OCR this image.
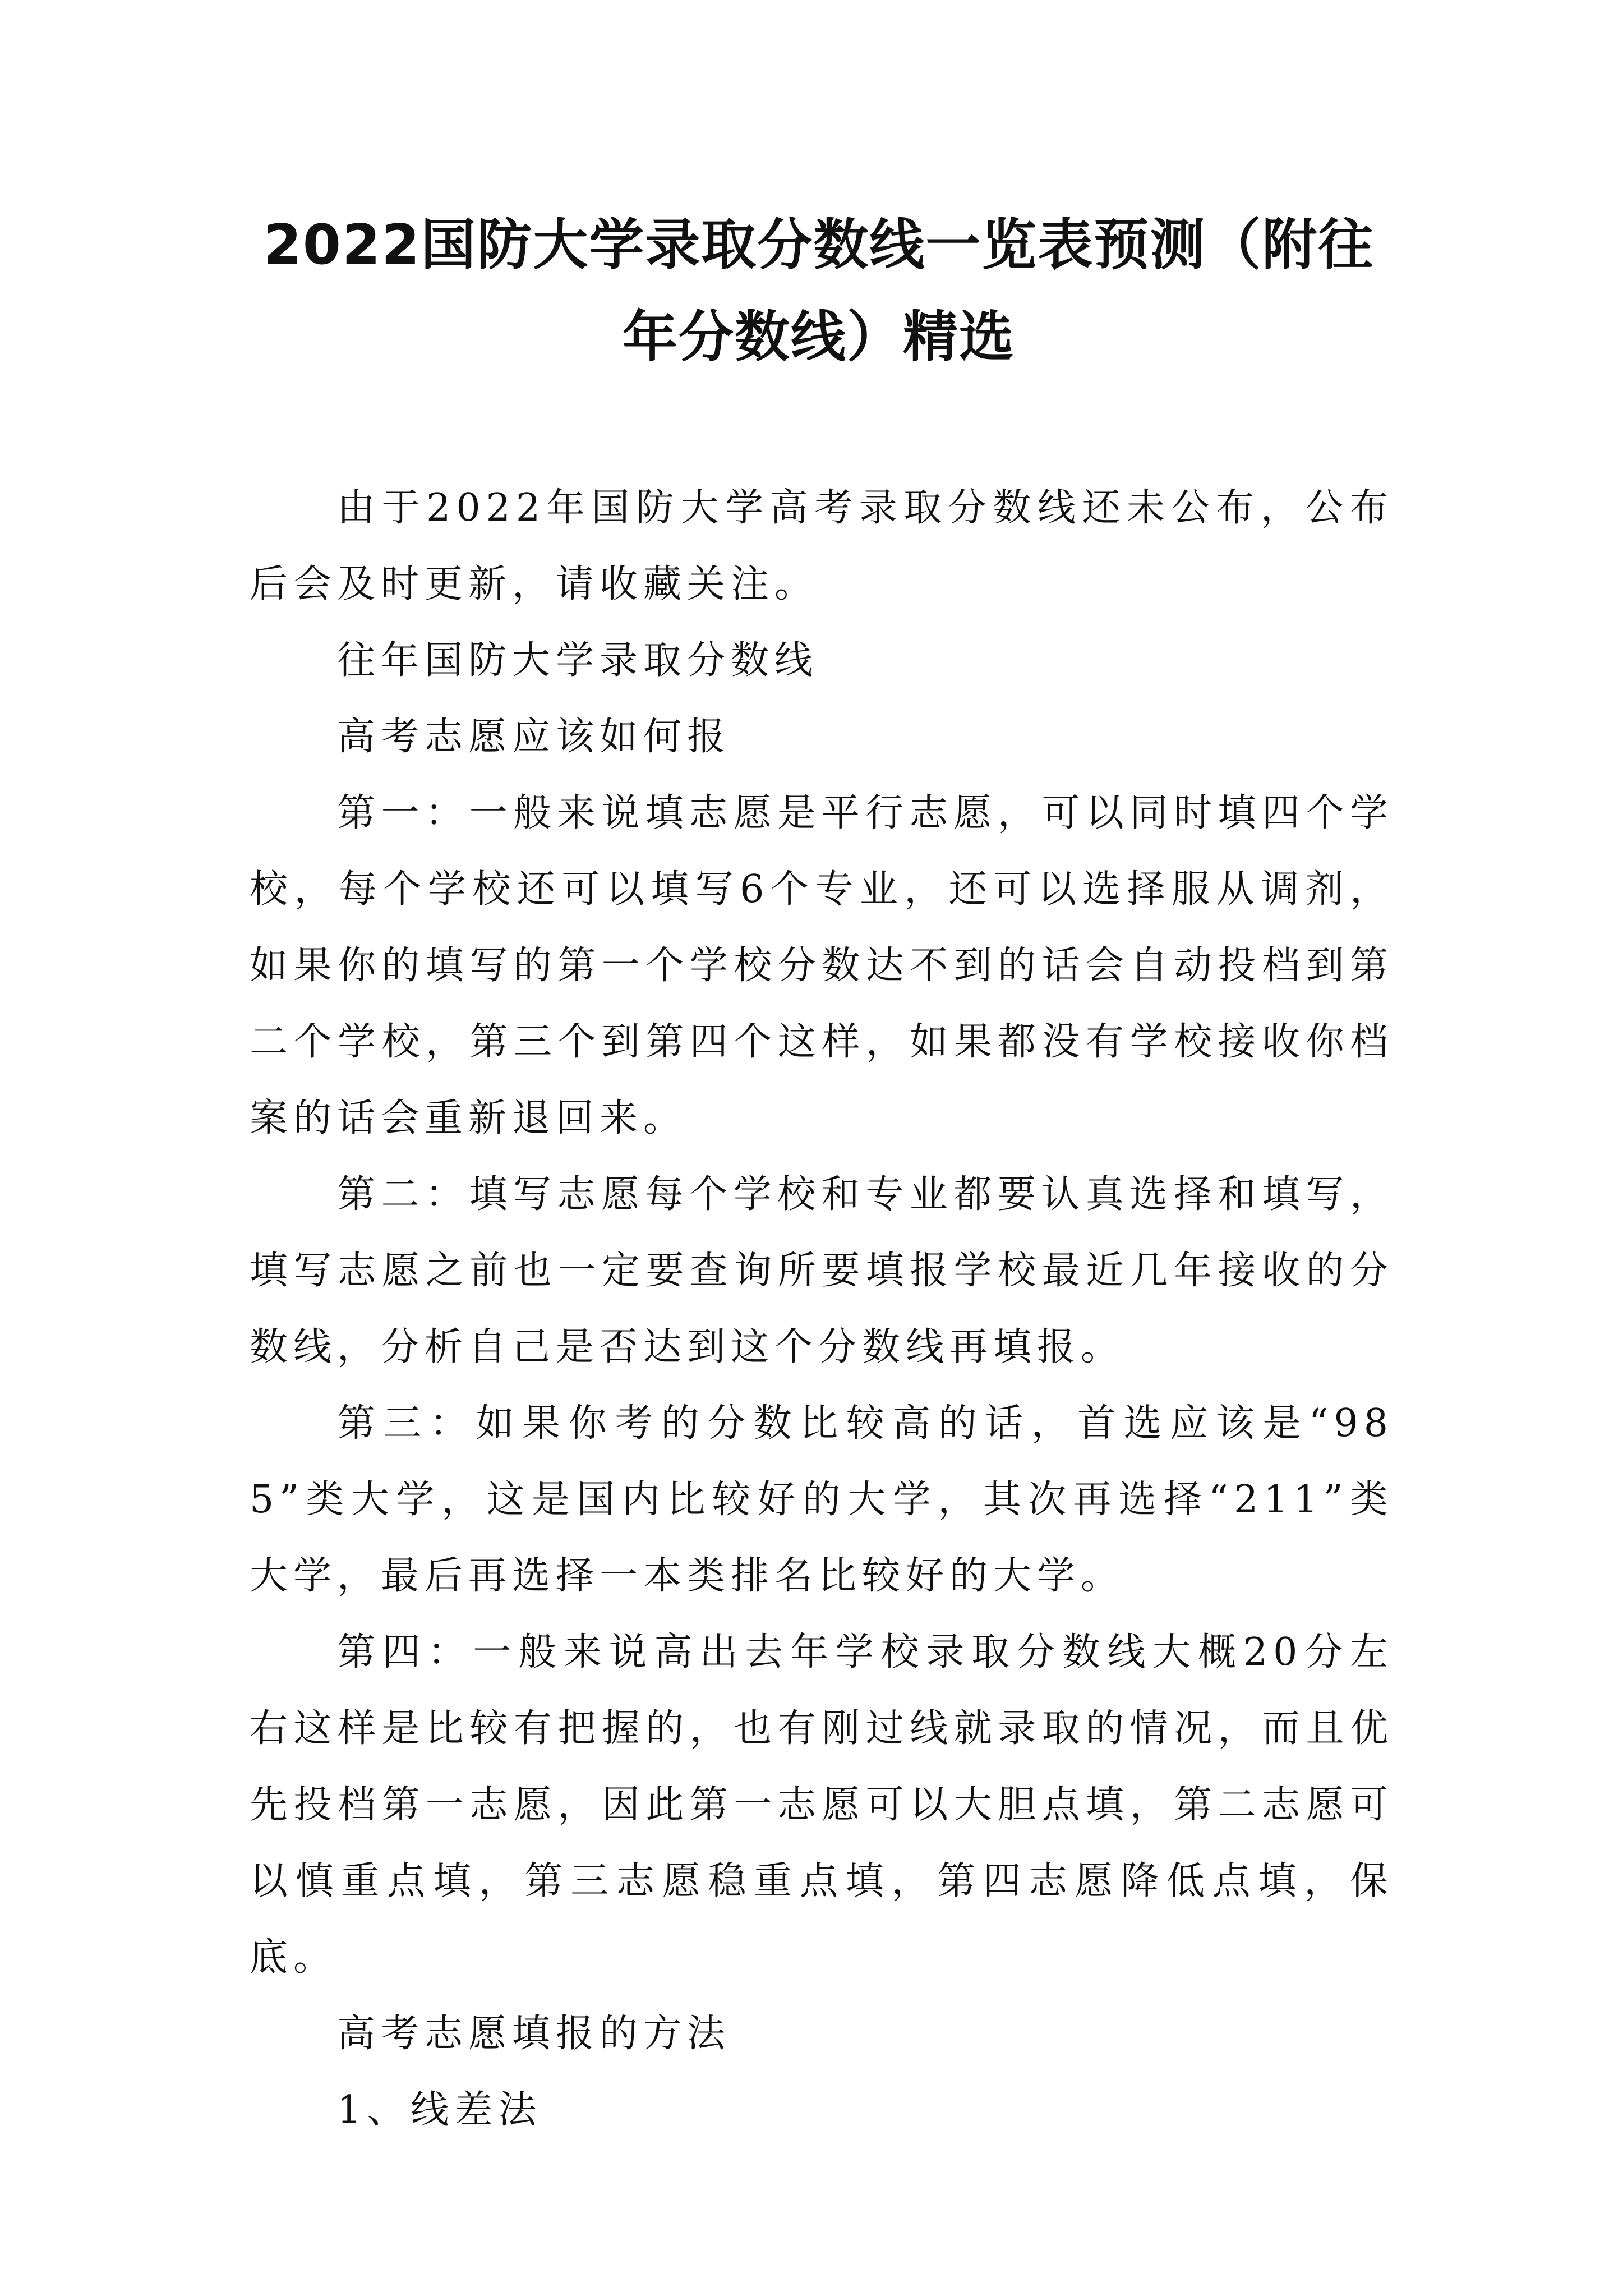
2022国防大学录取分数线一览表预测（附往
年分数线）精选

由于2022年国防大学高考录取分数线还未公布，公布后会及时更新，请收藏关注。

往年国防大学录取分数线

高考志愿应该如何报

第一：一般来说填志愿是平行志愿，可以同时填四个学校，每个学校还可以填写6个专业，还可以选择服从调剂，如果你的填写的第一个学校分数达不到的话会自动投档到第二个学校，第三个到第四个这样，如果都没有学校接收你档案的话会重新退回来。

第二：填写志愿每个学校和专业都要认真选择和填写，填写志愿之前也一定要查询所要填报学校最近几年接收的分数线，分析自己是否达到这个分数线再填报。

第三：如果你考的分数比较高的话，首选应该是“985”类大学，这是国内比较好的大学，其次再选择“211”类大学，最后再选择一本类排名比较好的大学。

第四：一般来说高出去年学校录取分数线大概20分左右这样是比较有把握的，也有刚过线就录取的情况，而且优先投档第一志愿，因此第一志愿可以大胆点填，第二志愿可以慎重点填，第三志愿稳重点填，第四志愿降低点填，保底。

高考志愿填报的方法

1、线差法
